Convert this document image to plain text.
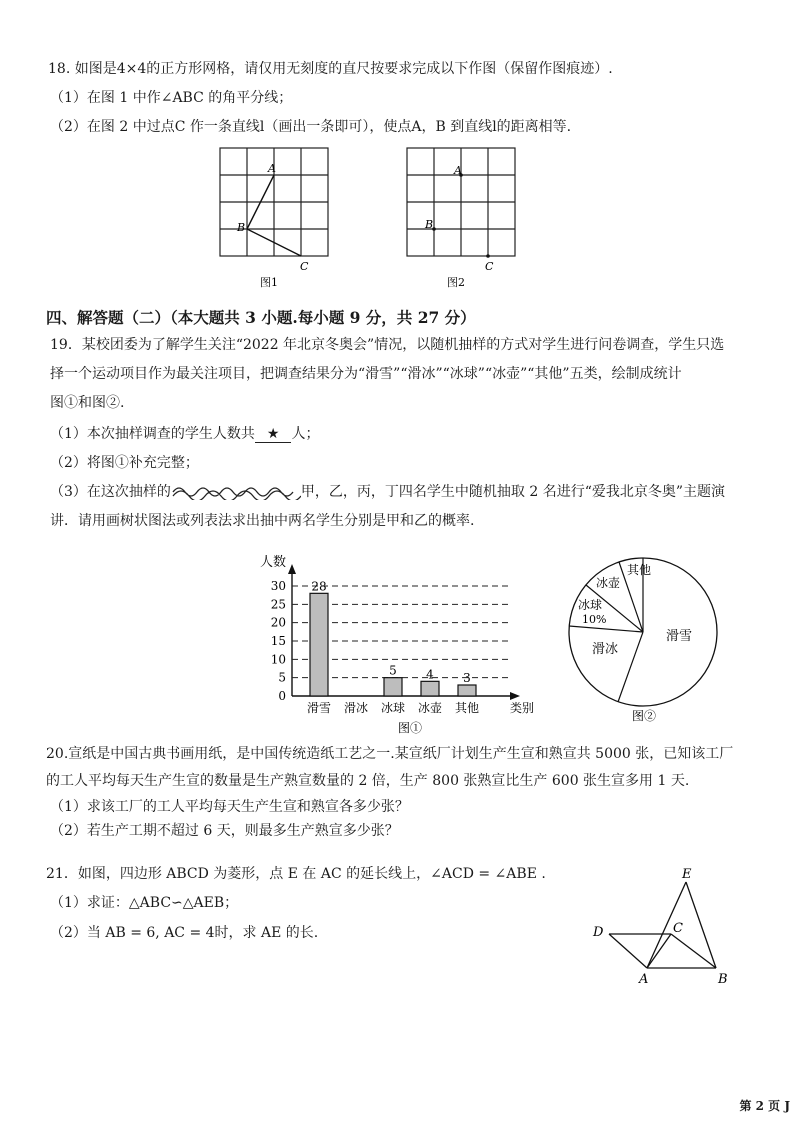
18. 如图是4×4的正方形网格，请仅用无刻度的直尺按要求完成以下作图（保留作图痕迹）.
（1）在图 1 中作∠ABC 的角平分线；
（2）在图 2 中过点C 作一条直线l（画出一条即可），使点A，B 到直线l的距离相等.
A
B
C
图1
A
B
C
图2
四、解答题（二）（本大题共 3 小题.每小题 9 分，共 27 分）
19．某校团委为了解学生关注“2022 年北京冬奥会”情况，以随机抽样的方式对学生进行问卷调查，学生只选
择一个运动项目作为最关注项目，把调查结果分为“滑雪”“滑冰”“冰球”“冰壶”“其他”五类，绘制成统计
图①和图②.
（1）本次抽样调查的学生人数共 ★ 人；
（2）将图①补充完整；
（3）在这次抽样的	甲，乙，丙，丁四名学生中随机抽取 2 名进行“爱我北京冬奥”主题演
讲．请用画树状图法或列表法求出抽中两名学生分别是甲和乙的概率.
人数
类别
0
5
10
15
20
25
30 28
5 4 3
滑雪 滑冰 冰球 冰壶 其他
图①
滑雪
滑冰
冰球
冰壶
其他
10%
图②
20.宣纸是中国古典书画用纸，是中国传统造纸工艺之一.某宣纸厂计划生产生宣和熟宣共 5000 张，已知该工厂
的工人平均每天生产生宣的数量是生产熟宣数量的 2 倍，生产 800 张熟宣比生产 600 张生宣多用 1 天.
（1）求该工厂的工人平均每天生产生宣和熟宣各多少张？
（2）若生产工期不超过 6 天，则最多生产熟宣多少张？
21．如图，四边形 ABCD 为菱形，点 E 在 AC 的延长线上，∠ACD = ∠ABE .
（1）求证：△ABC∽△AEB；
（2）当 AB = 6, AC = 4时，求 AE 的长.
E
C
D
A	B
第 2 页 J
